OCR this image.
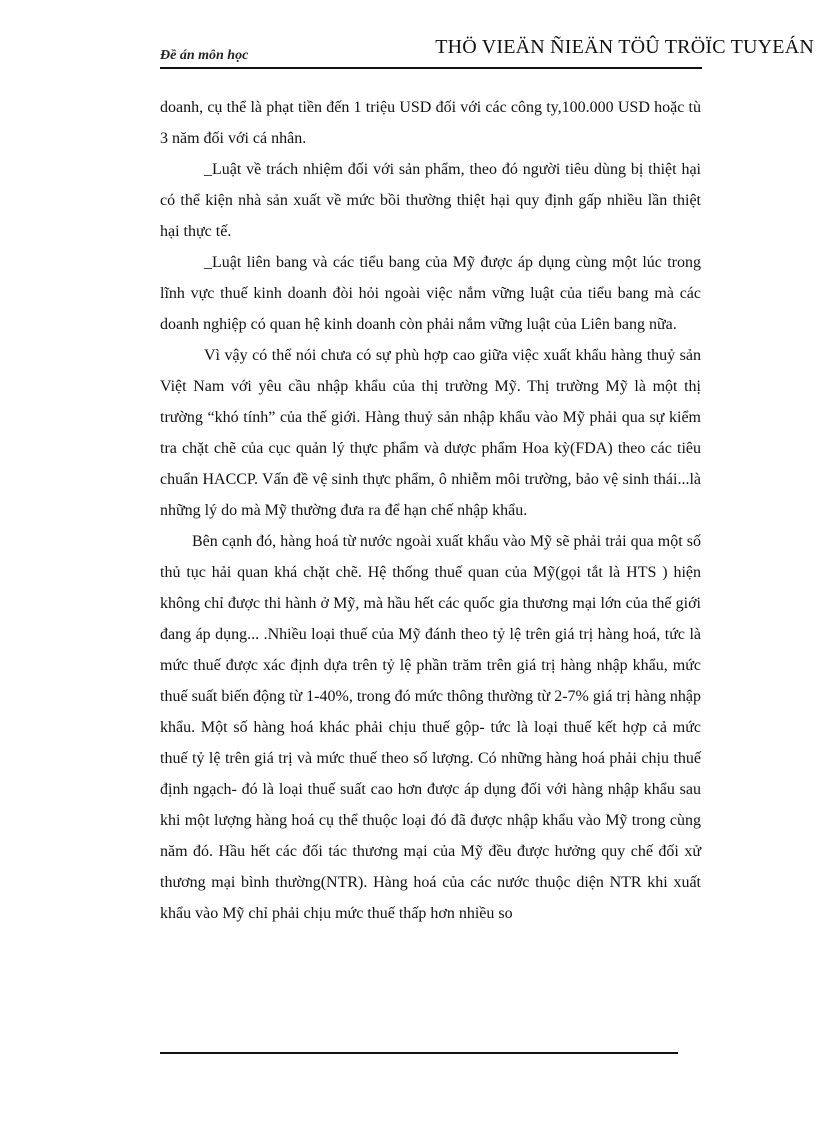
Đề án môn học	THÖ VIEÄN ÑIEÄN TÖÛ TRÖÏC TUYEÁN

doanh, cụ thể là phạt tiền đến 1 triệu USD đối với các công ty,100.000 USD hoặc tù 3 năm đối với cá nhân.

_Luật về trách nhiệm đối với sản phẩm, theo đó người tiêu dùng bị thiệt hại có thể kiện nhà sản xuất về mức bồi thường thiệt hại quy định gấp nhiều lần thiệt hại thực tế.

_Luật liên bang và các tiểu bang của Mỹ được áp dụng cùng một lúc trong lĩnh vực thuế kinh doanh đòi hỏi ngoài việc nắm vững luật của tiểu bang mà các doanh nghiệp có quan hệ kinh doanh còn phải nắm vững luật của Liên bang nữa.

Vì vậy có thể nói chưa có sự phù hợp cao giữa việc xuất khẩu hàng thuỷ sản Việt Nam với yêu cầu nhập khẩu của thị trường Mỹ. Thị trường Mỹ là một thị trường “khó tính” của thế giới. Hàng thuỷ sản nhập khẩu vào Mỹ phải qua sự kiểm tra chặt chẽ của cục quản lý thực phẩm và dược phẩm Hoa kỳ(FDA) theo các tiêu chuẩn HACCP. Vấn đề vệ sinh thực phẩm, ô nhiễm môi trường, bảo vệ sinh thái...là những lý do mà Mỹ thường đưa ra để hạn chế nhập khẩu.

Bên cạnh đó, hàng hoá từ nước ngoài xuất khẩu vào Mỹ sẽ phải trải qua một số thủ tục hải quan khá chặt chẽ. Hệ thống thuế quan của Mỹ(gọi tắt là HTS ) hiện không chỉ được thi hành ở Mỹ, mà hầu hết các quốc gia thương mại lớn của thế giới đang áp dụng... .Nhiều loại thuế của Mỹ đánh theo tỷ lệ trên giá trị hàng hoá, tức là mức thuế được xác định dựa trên tỷ lệ phần trăm trên giá trị hàng nhập khẩu, mức thuế suất biến động từ 1-40%, trong đó mức thông thường từ 2-7% giá trị hàng nhập khẩu. Một số hàng hoá khác phải chịu thuế gộp- tức là loại thuế kết hợp cả mức thuế tỷ lệ trên giá trị và mức thuế theo số lượng. Có những hàng hoá phải chịu thuế định ngạch- đó là loại thuế suất cao hơn được áp dụng đối với hàng nhập khẩu sau khi một lượng hàng hoá cụ thể thuộc loại đó đã được nhập khẩu vào Mỹ trong cùng năm đó. Hầu hết các đối tác thương mại của Mỹ đều được hưởng quy chế đối xử thương mại bình thường(NTR). Hàng hoá của các nước thuộc diện NTR khi xuất khẩu vào Mỹ chỉ phải chịu mức thuế thấp hơn nhiều so
